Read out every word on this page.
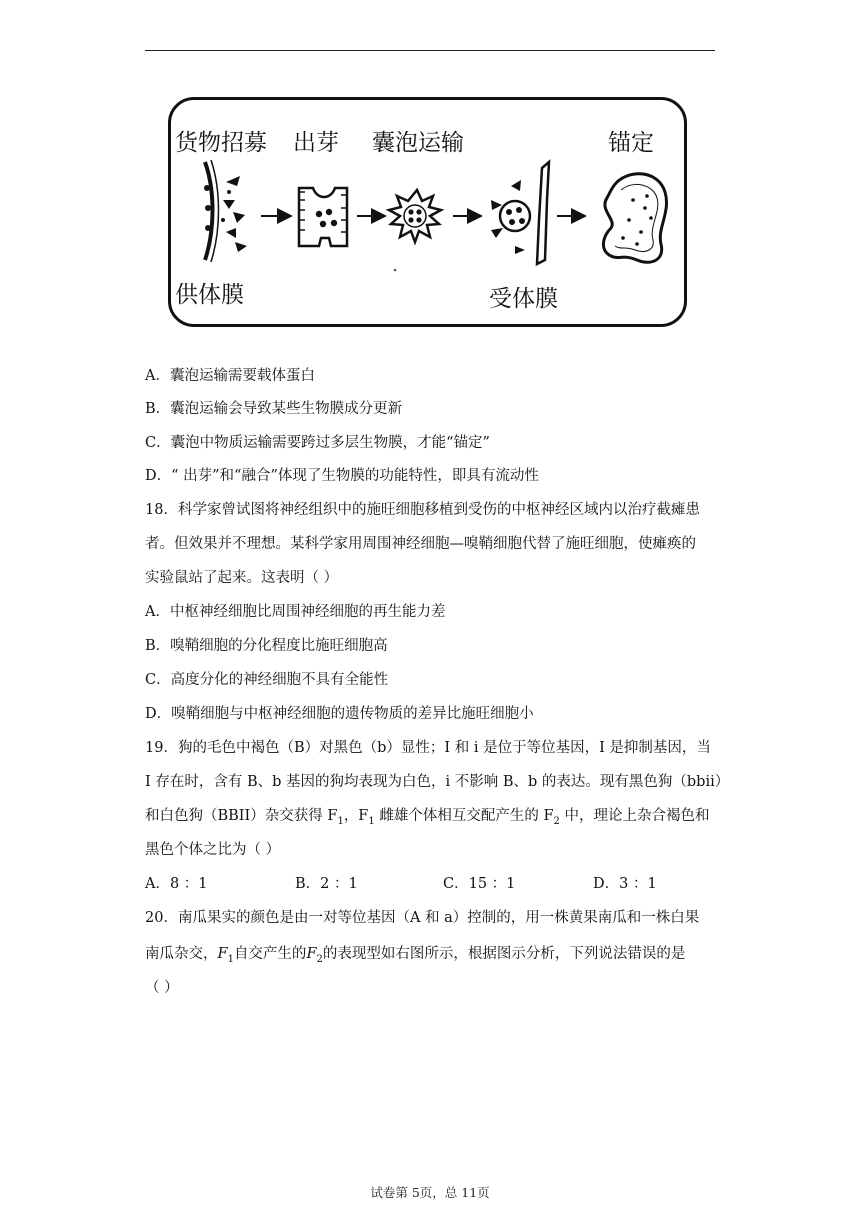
货物招募 出芽 囊泡运输	锚定
供体膜	受体膜
A．囊泡运输需要载体蛋白
B．囊泡运输会导致某些生物膜成分更新
C．囊泡中物质运输需要跨过多层生物膜，才能“锚定”
D．“ 出芽”和“融合”体现了生物膜的功能特性，即具有流动性
18．科学家曾试图将神经组织中的施旺细胞移植到受伤的中枢神经区域内以治疗截瘫患
者。但效果并不理想。某科学家用周围神经细胞—嗅鞘细胞代替了施旺细胞，使瘫痪的
实验鼠站了起来。这表明（ ）
A．中枢神经细胞比周围神经细胞的再生能力差
B．嗅鞘细胞的分化程度比施旺细胞高
C．高度分化的神经细胞不具有全能性
D．嗅鞘细胞与中枢神经细胞的遗传物质的差异比施旺细胞小
19．狗的毛色中褐色（B）对黑色（b）显性；I 和 i 是位于等位基因，I 是抑制基因，当
I 存在时，含有 B、b 基因的狗均表现为白色，i 不影响 B、b 的表达。现有黑色狗（bbii）
和白色狗（BBII）杂交获得 $F_1$，$F_1$ 雌雄个体相互交配产生的 $F_2$ 中，理论上杂合褐色和
黑色个体之比为（ ）
A．8 ：1	B．2 ：1	C．15 ：1	D．3 ：1
20．南瓜果实的颜色是由一对等位基因（A 和 a）控制的，用一株黄果南瓜和一株白果
南瓜杂交，$F_1$自交产生的$F_2$的表现型如右图所示，根据图示分析，下列说法错误的是
（ ）
试卷第 5页，总 11页
